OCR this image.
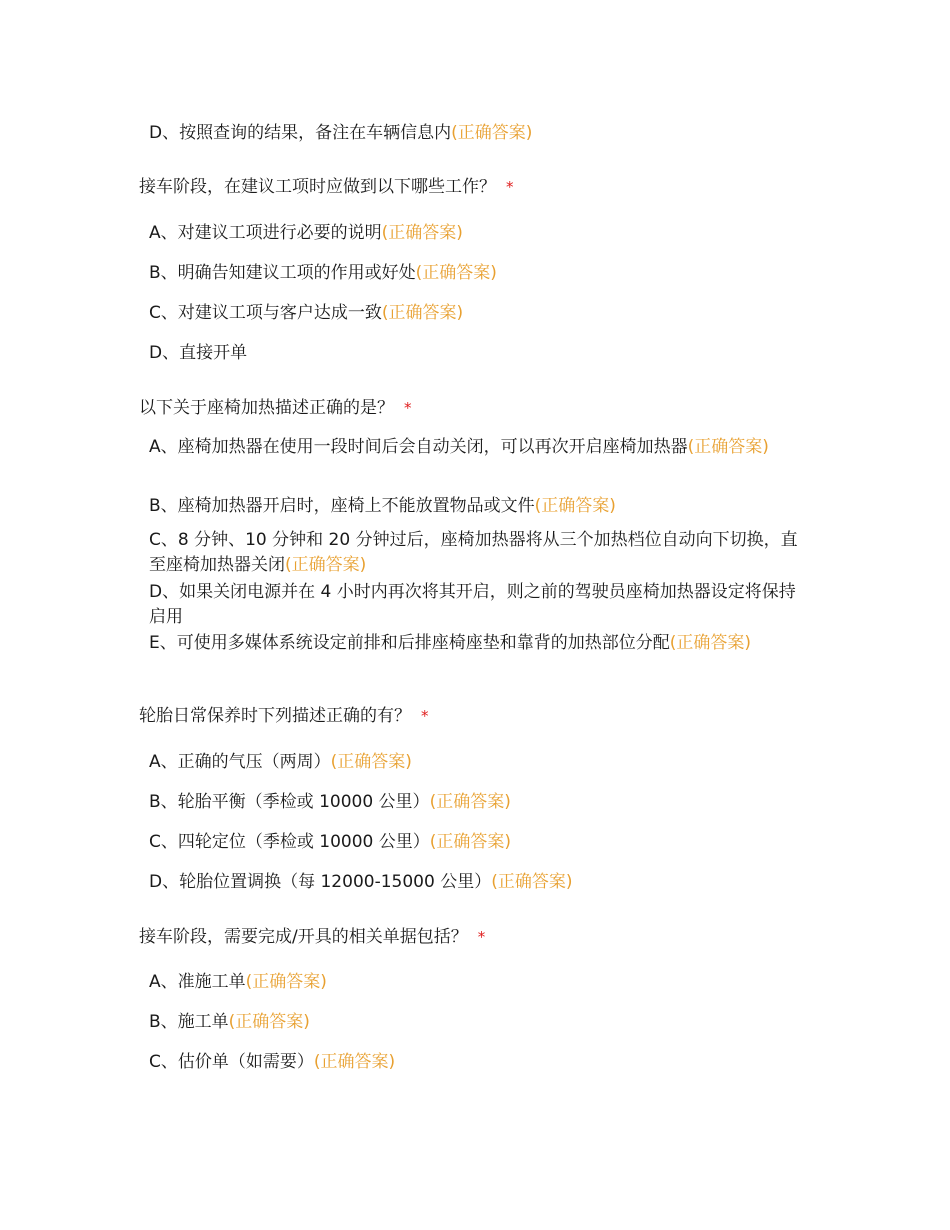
D、按照查询的结果，备注在车辆信息内(正确答案)
接车阶段，在建议工项时应做到以下哪些工作？ *
A、对建议工项进行必要的说明(正确答案)
B、明确告知建议工项的作用或好处(正确答案)
C、对建议工项与客户达成一致(正确答案)
D、直接开单
以下关于座椅加热描述正确的是？ *
A、座椅加热器在使用一段时间后会自动关闭，可以再次开启座椅加热器(正确答案)
B、座椅加热器开启时，座椅上不能放置物品或文件(正确答案)
C、8 分钟、10 分钟和 20 分钟过后，座椅加热器将从三个加热档位自动向下切换，直至座椅加热器关闭(正确答案)
D、如果关闭电源并在 4 小时内再次将其开启，则之前的驾驶员座椅加热器设定将保持启用
E、可使用多媒体系统设定前排和后排座椅座垫和靠背的加热部位分配(正确答案)
轮胎日常保养时下列描述正确的有？ *
A、正确的气压（两周）(正确答案)
B、轮胎平衡（季检或 10000 公里）(正确答案)
C、四轮定位（季检或 10000 公里）(正确答案)
D、轮胎位置调换（每 12000-15000 公里）(正确答案)
接车阶段，需要完成/开具的相关单据包括？ *
A、准施工单(正确答案)
B、施工单(正确答案)
C、估价单（如需要）(正确答案)
